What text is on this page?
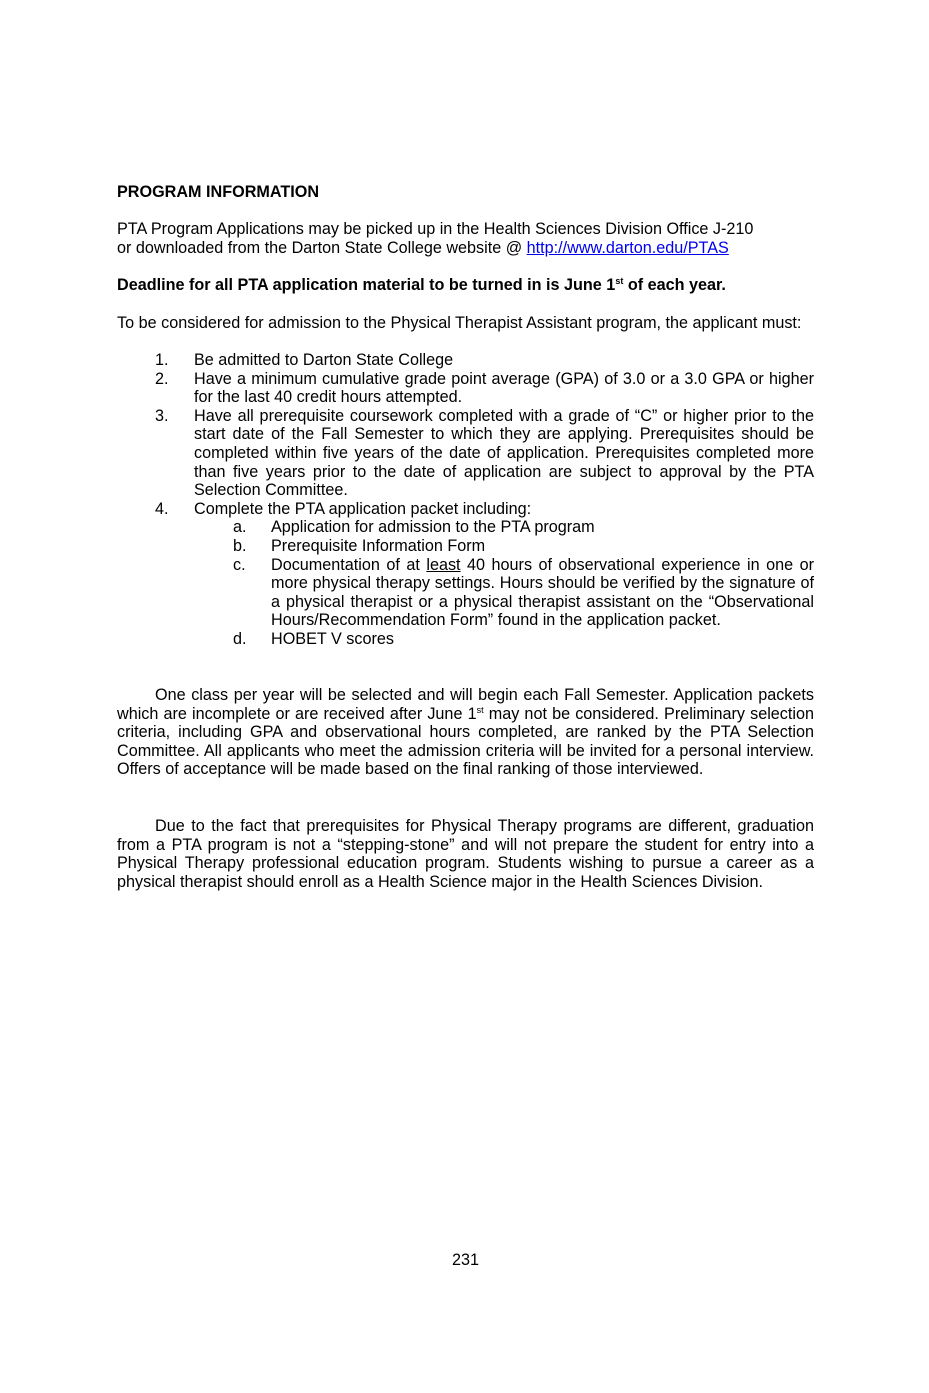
PROGRAM INFORMATION
PTA Program Applications may be picked up in the Health Sciences Division Office J-210
or downloaded from the Darton State College website @ http://www.darton.edu/PTAS
Deadline for all PTA application material to be turned in is June 1st of each year.
To be considered for admission to the Physical Therapist Assistant program, the applicant must:
1. Be admitted to Darton State College
2. Have a minimum cumulative grade point average (GPA) of 3.0 or a 3.0 GPA or higher for the last 40 credit hours attempted.
3. Have all prerequisite coursework completed with a grade of “C” or higher prior to the start date of the Fall Semester to which they are applying. Prerequisites should be completed within five years of the date of application. Prerequisites completed more than five years prior to the date of application are subject to approval by the PTA Selection Committee.
4. Complete the PTA application packet including:
a. Application for admission to the PTA program
b. Prerequisite Information Form
c. Documentation of at least 40 hours of observational experience in one or more physical therapy settings. Hours should be verified by the signature of a physical therapist or a physical therapist assistant on the “Observational Hours/Recommendation Form” found in the application packet.
d. HOBET V scores
One class per year will be selected and will begin each Fall Semester. Application packets which are incomplete or are received after June 1st may not be considered. Preliminary selection criteria, including GPA and observational hours completed, are ranked by the PTA Selection Committee. All applicants who meet the admission criteria will be invited for a personal interview. Offers of acceptance will be made based on the final ranking of those interviewed.
Due to the fact that prerequisites for Physical Therapy programs are different, graduation from a PTA program is not a “stepping-stone” and will not prepare the student for entry into a Physical Therapy professional education program. Students wishing to pursue a career as a physical therapist should enroll as a Health Science major in the Health Sciences Division.
231
